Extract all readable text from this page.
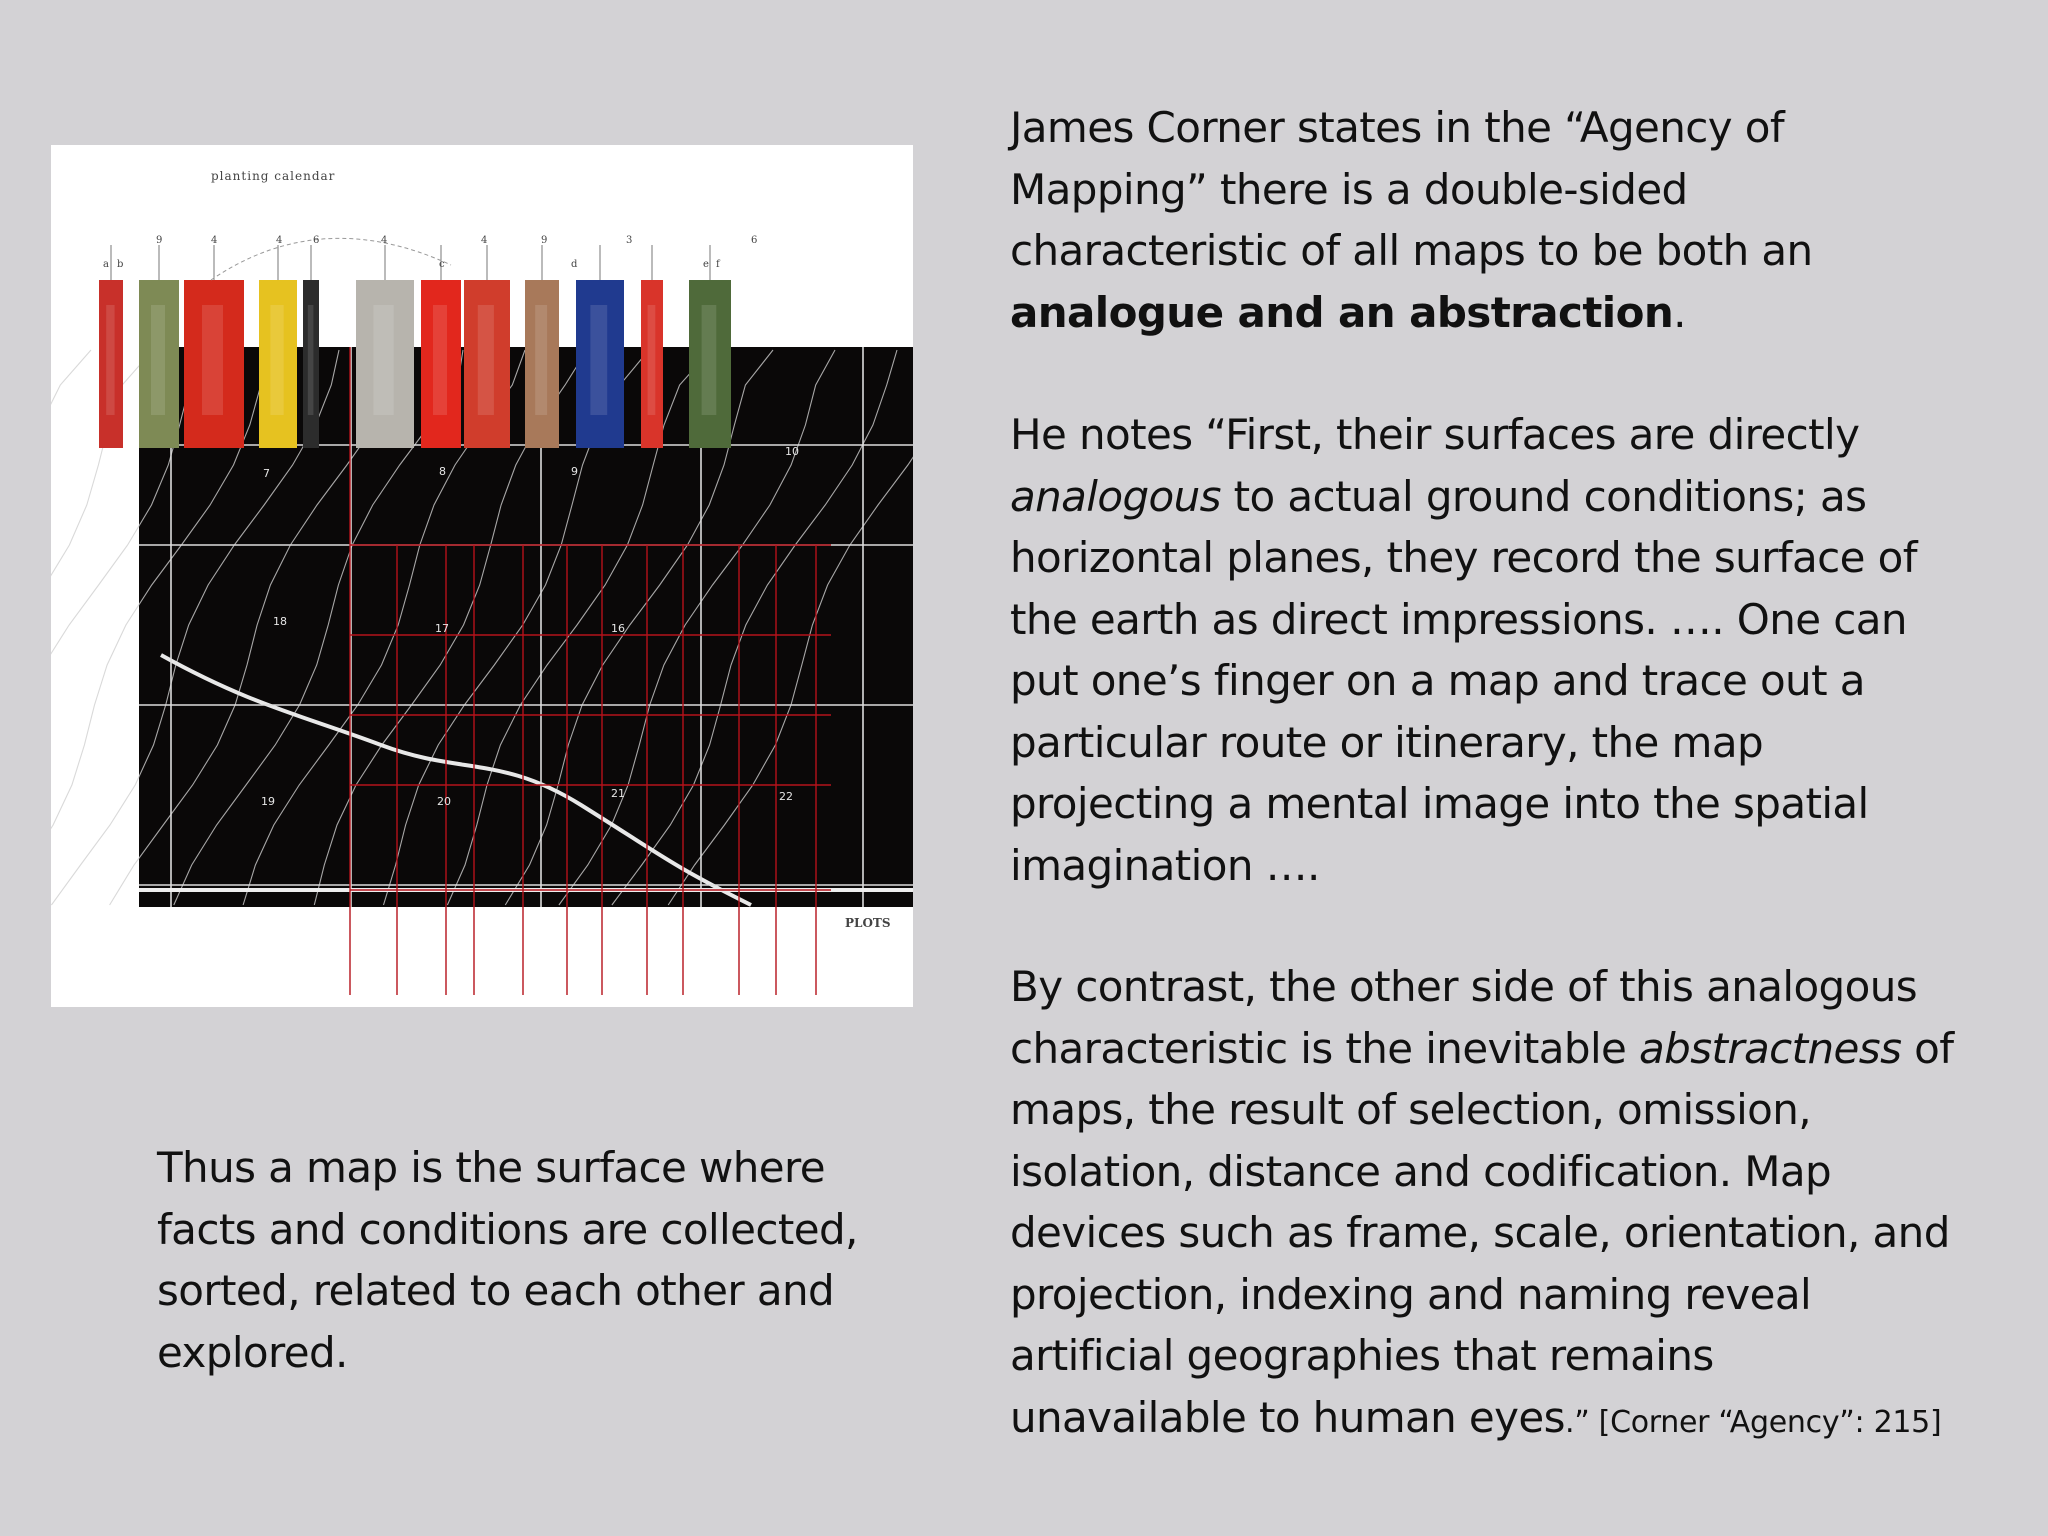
9	4	4	6	4	4	9	3	6
a b	c	d	e f
7	8	9
10
16
17
18
19	20
21	22
planting calendar
PLOTS
James Corner states in the “Agency of
Mapping” there is a double-sided
characteristic of all maps to be both an
analogue and an abstraction.
He notes “First, their surfaces are directly
analogous to actual ground conditions; as
horizontal planes, they record the surface of
the earth as direct impressions. …. One can
put one’s finger on a map and trace out a
particular route or itinerary, the map
projecting a mental image into the spatial
imagination ….
By contrast, the other side of this analogous
characteristic is the inevitable abstractness of
maps, the result of selection, omission,
isolation, distance and codification. Map
devices such as frame, scale, orientation, and
projection, indexing and naming reveal
artificial geographies that remains
unavailable to human eyes.” [Corner “Agency”: 215]
Thus a map is the surface where
facts and conditions are collected,
sorted, related to each other and
explored.
